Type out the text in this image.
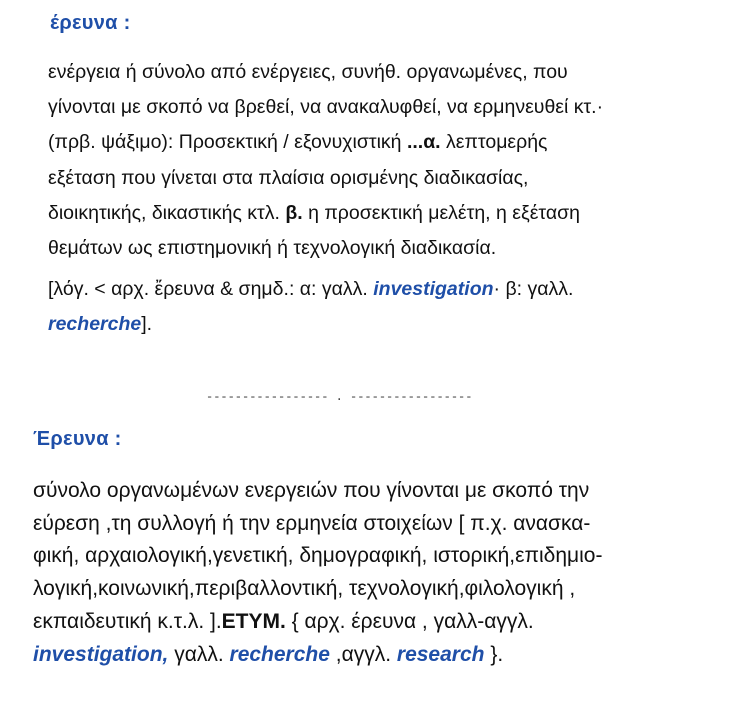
έρευνα :
ενέργεια ή σύνολο από ενέργειες, συνήθ. οργανωμένες, που
γίνονται με σκοπό να βρεθεί, να ανακαλυφθεί, να ερμηνευθεί κτ.·
(πρβ. ψάξιμο): Προσεκτική / εξονυχιστική ...α. λεπτομερής
εξέταση που γίνεται στα πλαίσια ορισμένης διαδικασίας,
διοικητικής, δικαστικής κτλ. β. η προσεκτική μελέτη, η εξέταση
θεμάτων ως επιστημονική ή τεχνολογική διαδικασία.
[λόγ. < αρχ. ἔρευνα & σημδ.: α: γαλλ. investigation· β: γαλλ.
recherche].
----------------- . -----------------
Έρευνα :
σύνολο οργανωμένων ενεργειών που γίνονται με σκοπό την
εύρεση ,τη συλλογή ή την ερμηνεία στοιχείων [ π.χ. ανασκα-
φική, αρχαιολογική,γενετική, δημογραφική, ιστορική,επιδημιο-
λογική,κοινωνική,περιβαλλοντική, τεχνολογική,φιλολογική ,
εκπαιδευτική κ.τ.λ. ].ETYM. { αρχ. έρευνα , γαλλ-αγγλ.
investigation, γαλλ. recherche ,αγγλ. research }.
